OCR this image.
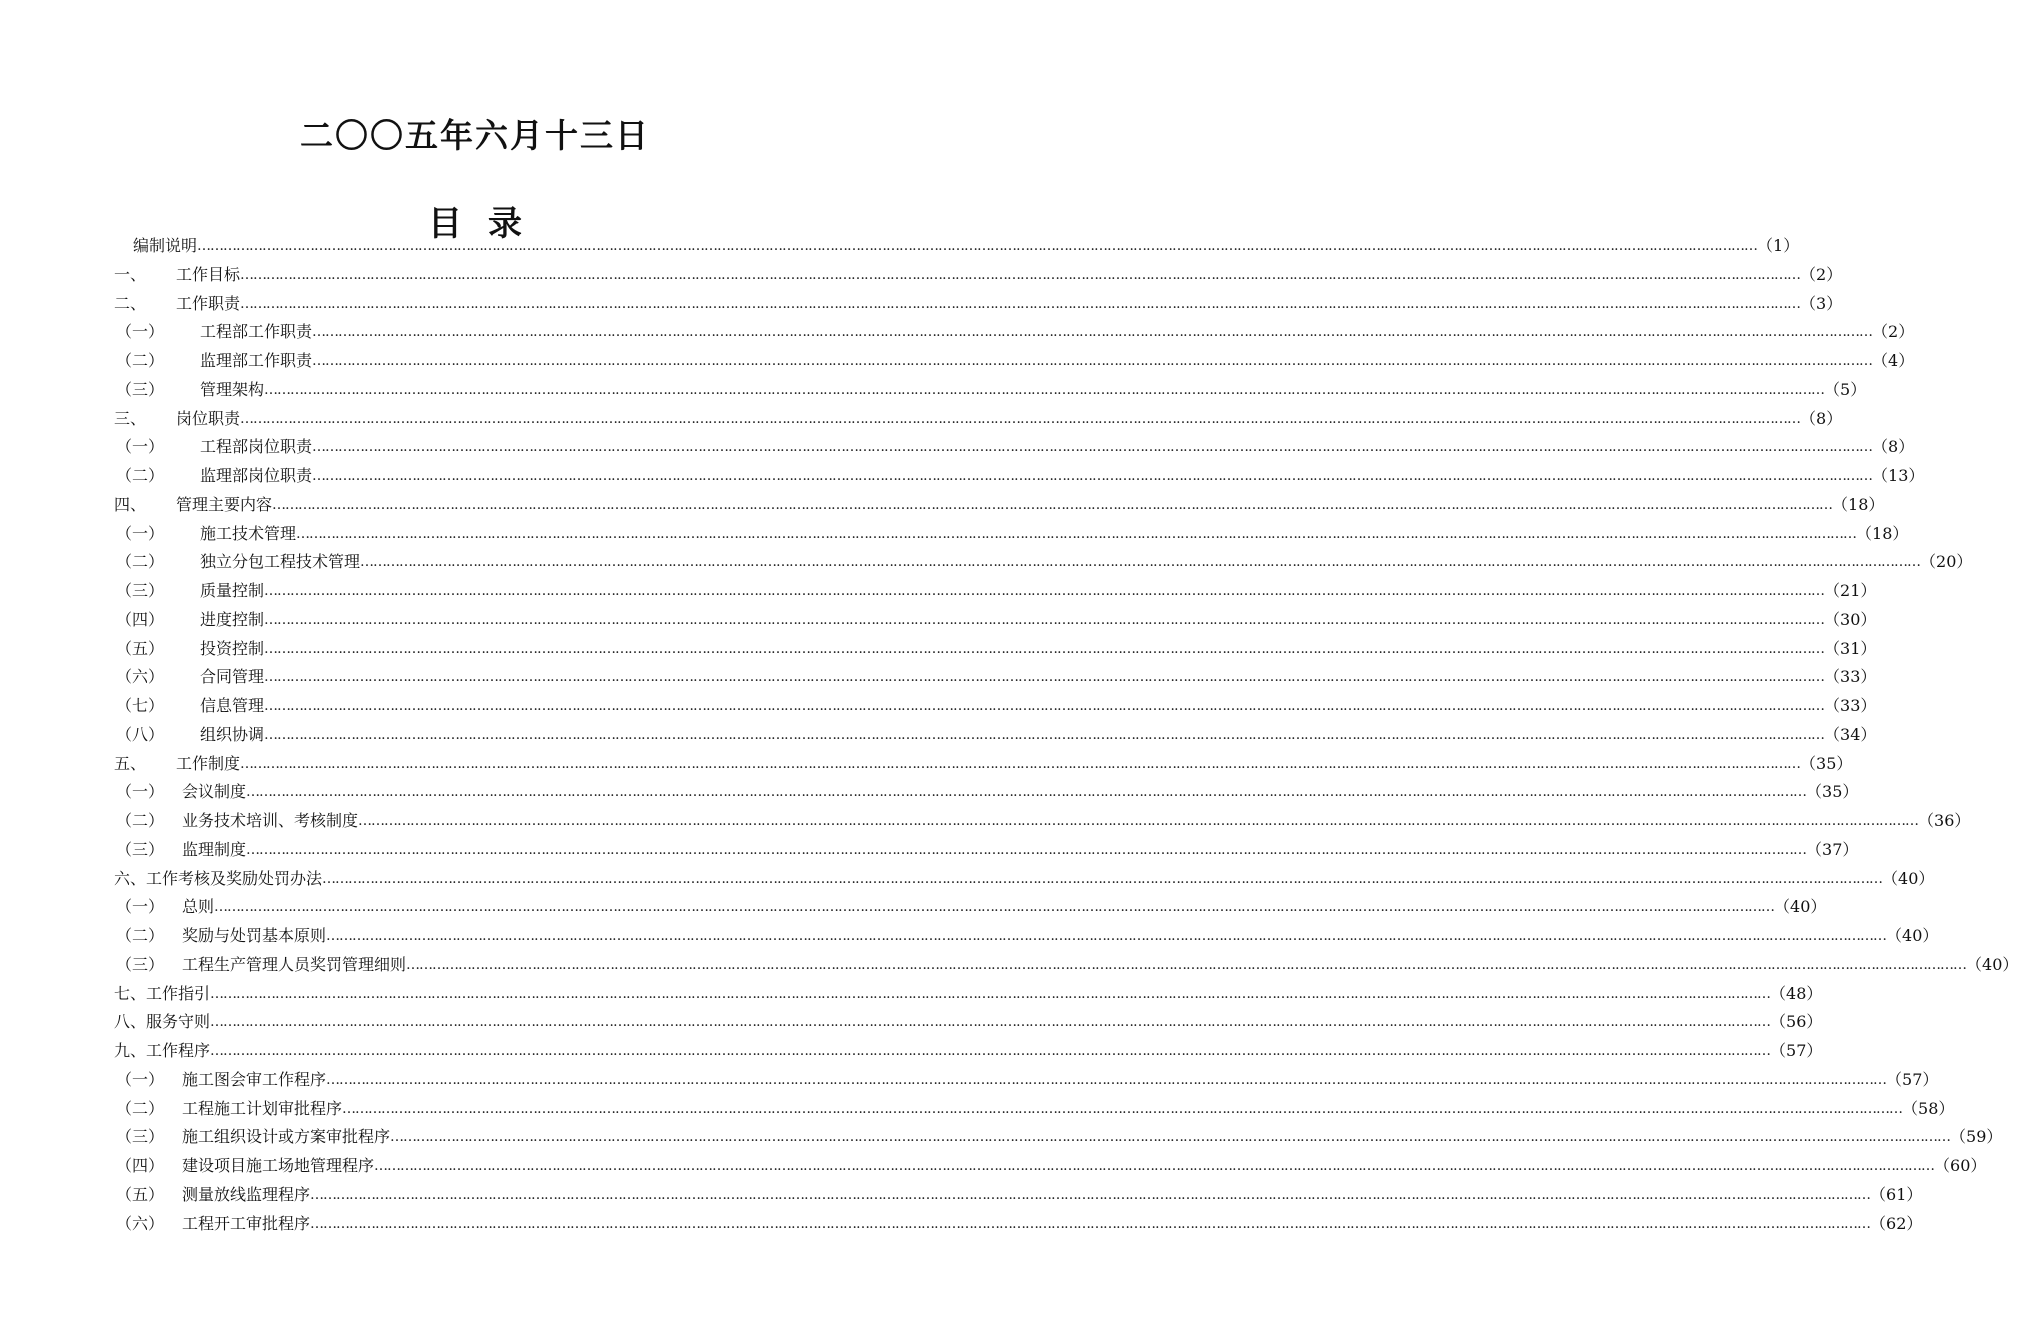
二〇〇五年六月十三日
目 录
编制说明 ……………………………………………………………………………………………………………………………………………………………………………………………………………………………………………………………………………………………………………………………… （1）
一、	工作目标 ……………………………………………………………………………………………………………………………………………………………………………………………………………………………………………………………………………………………………………………………… （2）
二、	工作职责 ……………………………………………………………………………………………………………………………………………………………………………………………………………………………………………………………………………………………………………………………… （3）
（一）	工程部工作职责 ……………………………………………………………………………………………………………………………………………………………………………………………………………………………………………………………………………………………………………………………… （2）
（二）	监理部工作职责 ……………………………………………………………………………………………………………………………………………………………………………………………………………………………………………………………………………………………………………………………… （4）
（三）	管理架构 ……………………………………………………………………………………………………………………………………………………………………………………………………………………………………………………………………………………………………………………………… （5）
三、	岗位职责 ……………………………………………………………………………………………………………………………………………………………………………………………………………………………………………………………………………………………………………………………… （8）
（一）	工程部岗位职责 ……………………………………………………………………………………………………………………………………………………………………………………………………………………………………………………………………………………………………………………………… （8）
（二）	监理部岗位职责 ……………………………………………………………………………………………………………………………………………………………………………………………………………………………………………………………………………………………………………………………… （13）
四、	管理主要内容 ……………………………………………………………………………………………………………………………………………………………………………………………………………………………………………………………………………………………………………………………… （18）
（一）	施工技术管理 ……………………………………………………………………………………………………………………………………………………………………………………………………………………………………………………………………………………………………………………………… （18）
（二）	独立分包工程技术管理 ……………………………………………………………………………………………………………………………………………………………………………………………………………………………………………………………………………………………………………………………… （20）
（三）	质量控制 ……………………………………………………………………………………………………………………………………………………………………………………………………………………………………………………………………………………………………………………………… （21）
（四）	进度控制 ……………………………………………………………………………………………………………………………………………………………………………………………………………………………………………………………………………………………………………………………… （30）
（五）	投资控制 ……………………………………………………………………………………………………………………………………………………………………………………………………………………………………………………………………………………………………………………………… （31）
（六）	合同管理 ……………………………………………………………………………………………………………………………………………………………………………………………………………………………………………………………………………………………………………………………… （33）
（七）	信息管理 ……………………………………………………………………………………………………………………………………………………………………………………………………………………………………………………………………………………………………………………………… （33）
（八）	组织协调 ……………………………………………………………………………………………………………………………………………………………………………………………………………………………………………………………………………………………………………………………… （34）
五、	工作制度 ……………………………………………………………………………………………………………………………………………………………………………………………………………………………………………………………………………………………………………………………… （35）
（一）	会议制度 ……………………………………………………………………………………………………………………………………………………………………………………………………………………………………………………………………………………………………………………………… （35）
（二）	业务技术培训、考核制度 ……………………………………………………………………………………………………………………………………………………………………………………………………………………………………………………………………………………………………………………………… （36）
（三）	监理制度 ……………………………………………………………………………………………………………………………………………………………………………………………………………………………………………………………………………………………………………………………… （37）
六、工作考核及奖励处罚办法 ……………………………………………………………………………………………………………………………………………………………………………………………………………………………………………………………………………………………………………………………… （40）
（一）	总则 ……………………………………………………………………………………………………………………………………………………………………………………………………………………………………………………………………………………………………………………………… （40）
（二）	奖励与处罚基本原则 ……………………………………………………………………………………………………………………………………………………………………………………………………………………………………………………………………………………………………………………………… （40）
（三）	工程生产管理人员奖罚管理细则 ……………………………………………………………………………………………………………………………………………………………………………………………………………………………………………………………………………………………………………………………… （40）
七、工作指引 ……………………………………………………………………………………………………………………………………………………………………………………………………………………………………………………………………………………………………………………………… （48）
八、服务守则 ……………………………………………………………………………………………………………………………………………………………………………………………………………………………………………………………………………………………………………………………… （56）
九、工作程序 ……………………………………………………………………………………………………………………………………………………………………………………………………………………………………………………………………………………………………………………………… （57）
（一）	施工图会审工作程序 ……………………………………………………………………………………………………………………………………………………………………………………………………………………………………………………………………………………………………………………………… （57）
（二）	工程施工计划审批程序 ……………………………………………………………………………………………………………………………………………………………………………………………………………………………………………………………………………………………………………………………… （58）
（三）	施工组织设计或方案审批程序 ……………………………………………………………………………………………………………………………………………………………………………………………………………………………………………………………………………………………………………………………… （59）
（四）	建设项目施工场地管理程序 ……………………………………………………………………………………………………………………………………………………………………………………………………………………………………………………………………………………………………………………………… （60）
（五）	测量放线监理程序 ……………………………………………………………………………………………………………………………………………………………………………………………………………………………………………………………………………………………………………………………… （61）
（六）	工程开工审批程序 ……………………………………………………………………………………………………………………………………………………………………………………………………………………………………………………………………………………………………………………………… （62）
